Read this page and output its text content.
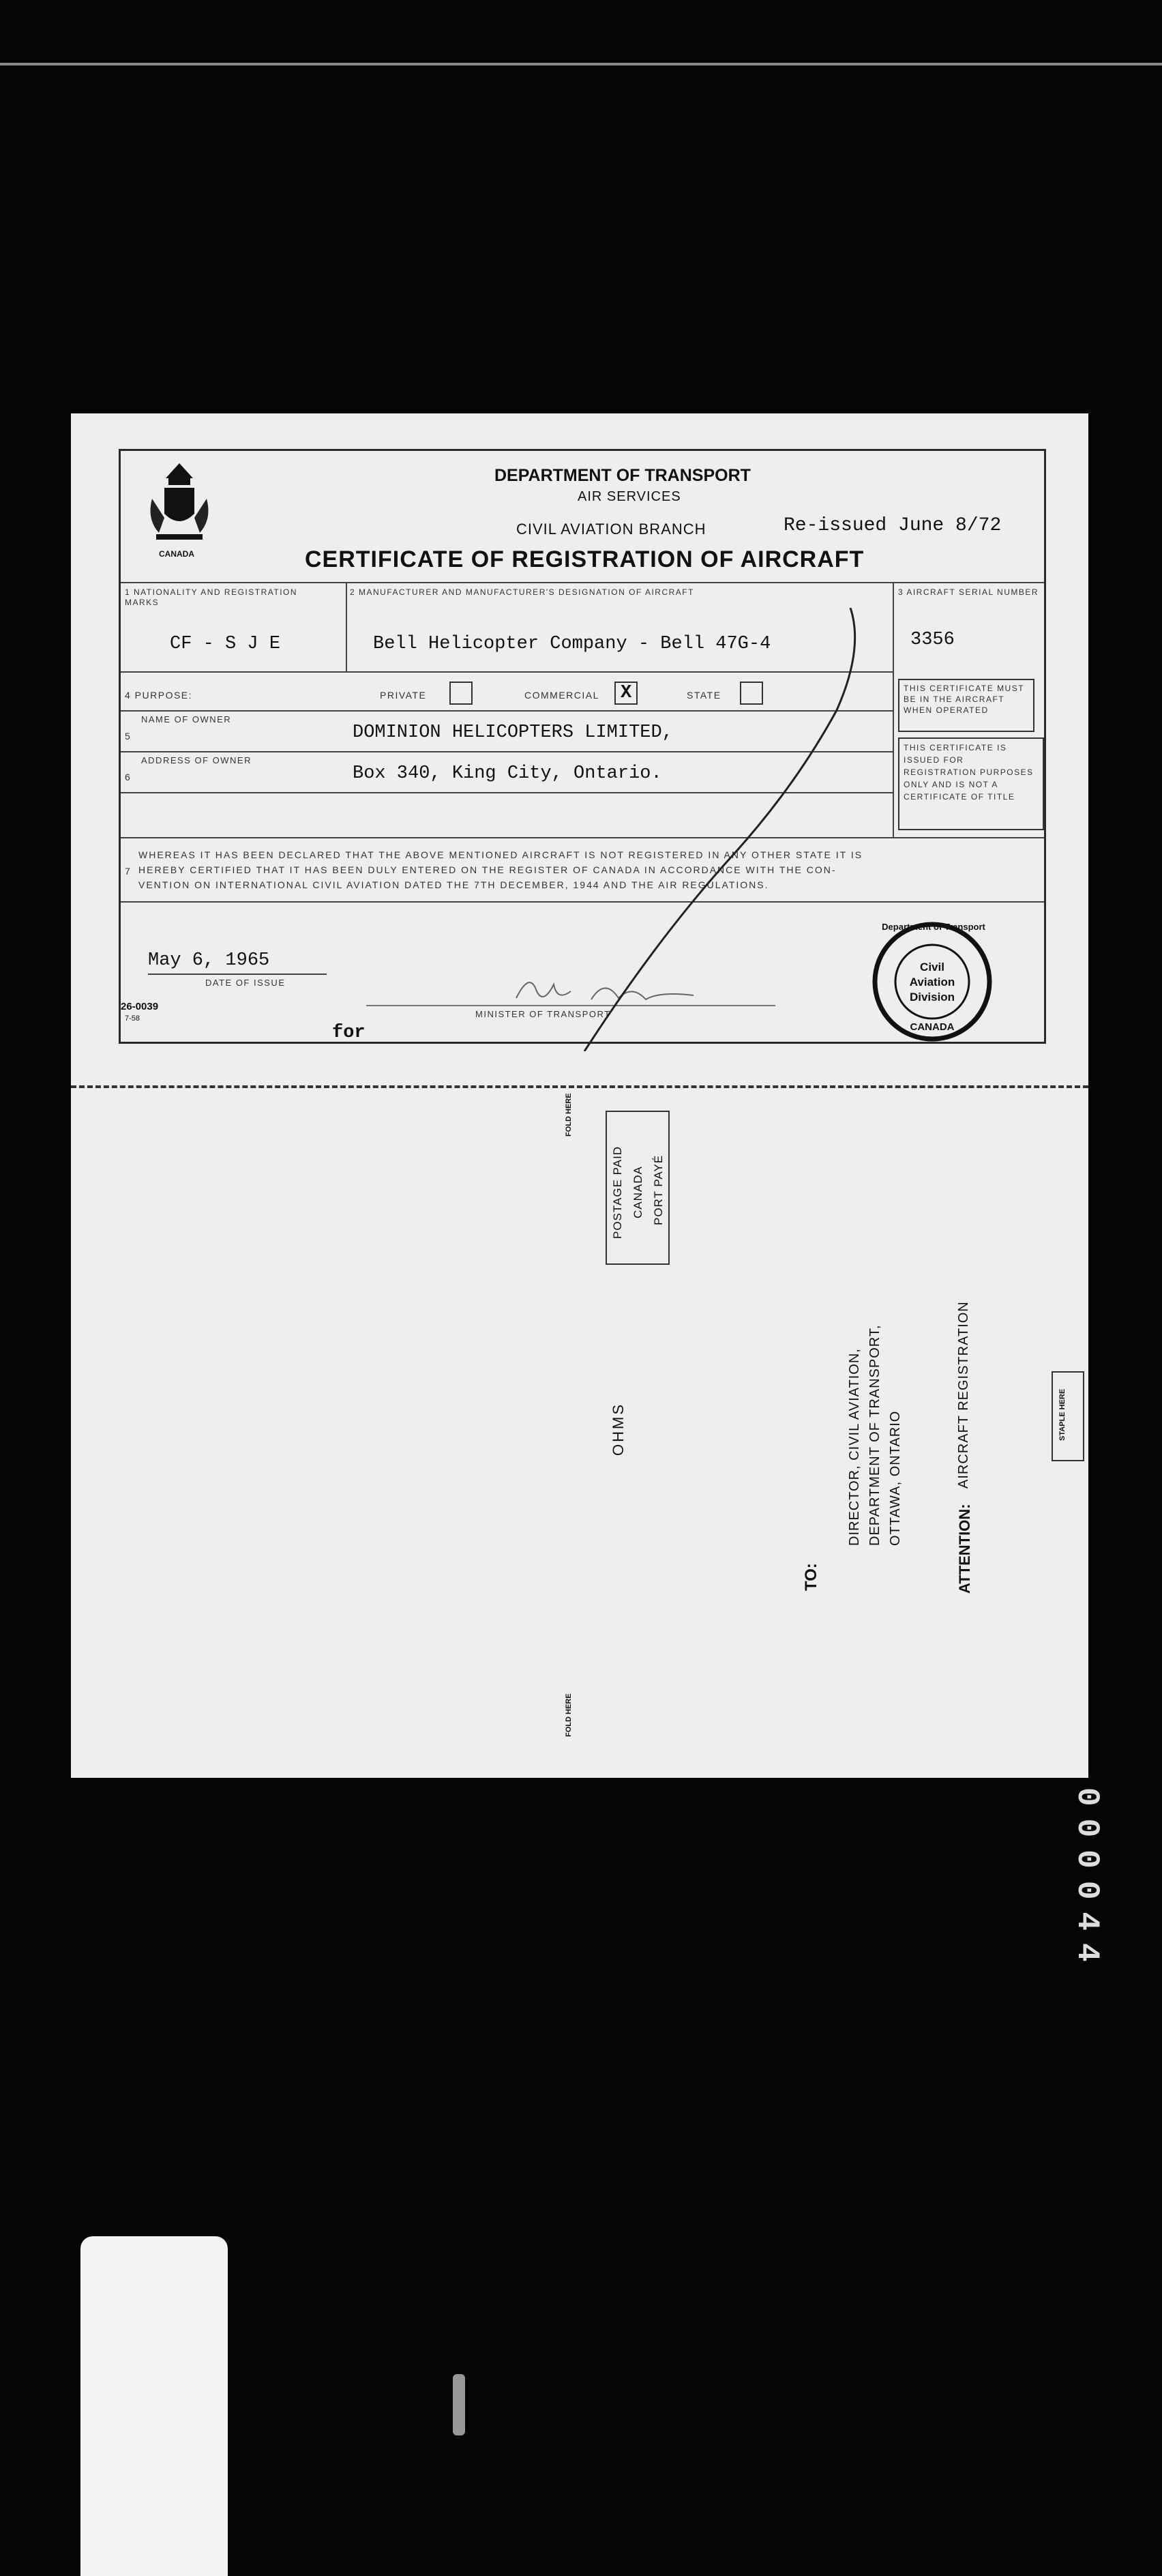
CANADA
DEPARTMENT OF TRANSPORT
AIR SERVICES
CIVIL AVIATION BRANCH	Re-issued June 8/72
CERTIFICATE OF REGISTRATION OF AIRCRAFT
1 NATIONALITY AND REGISTRATION MARKS
CF - S J E
2 MANUFACTURER AND MANUFACTURER'S DESIGNATION OF AIRCRAFT
Bell Helicopter Company - Bell 47G-4
3 AIRCRAFT SERIAL NUMBER
3356
4 PURPOSE:	PRIVATE	COMMERCIAL X	STATE
NAME OF OWNER
5	DOMINION HELICOPTERS LIMITED,
ADDRESS OF OWNER
6	Box 340, King City, Ontario.
THIS CERTIFICATE MUST BE IN THE AIRCRAFT WHEN OPERATED
THIS CERTIFICATE IS ISSUED FOR REGISTRATION PURPOSES ONLY AND IS NOT A CERTIFICATE OF TITLE
7
WHEREAS IT HAS BEEN DECLARED THAT THE ABOVE MENTIONED AIRCRAFT IS NOT REGISTERED IN ANY OTHER STATE IT IS
HEREBY CERTIFIED THAT IT HAS BEEN DULY ENTERED ON THE REGISTER OF CANADA IN ACCORDANCE WITH THE CON-
VENTION ON INTERNATIONAL CIVIL AVIATION DATED THE 7TH DECEMBER, 1944 AND THE AIR REGULATIONS.
May 6, 1965
DATE OF ISSUE
26-0039
7-58
for
MINISTER OF TRANSPORT
Department of Transport
Civil Aviation Division
CANADA
FOLD HERE
FOLD HERE
POSTAGE PAID CANADA PORT PAYÉ
OHMS
TO:
DIRECTOR, CIVIL AVIATION, DEPARTMENT OF TRANSPORT, OTTAWA, ONTARIO
ATTENTION:
AIRCRAFT REGISTRATION	STAPLE HERE
000044
